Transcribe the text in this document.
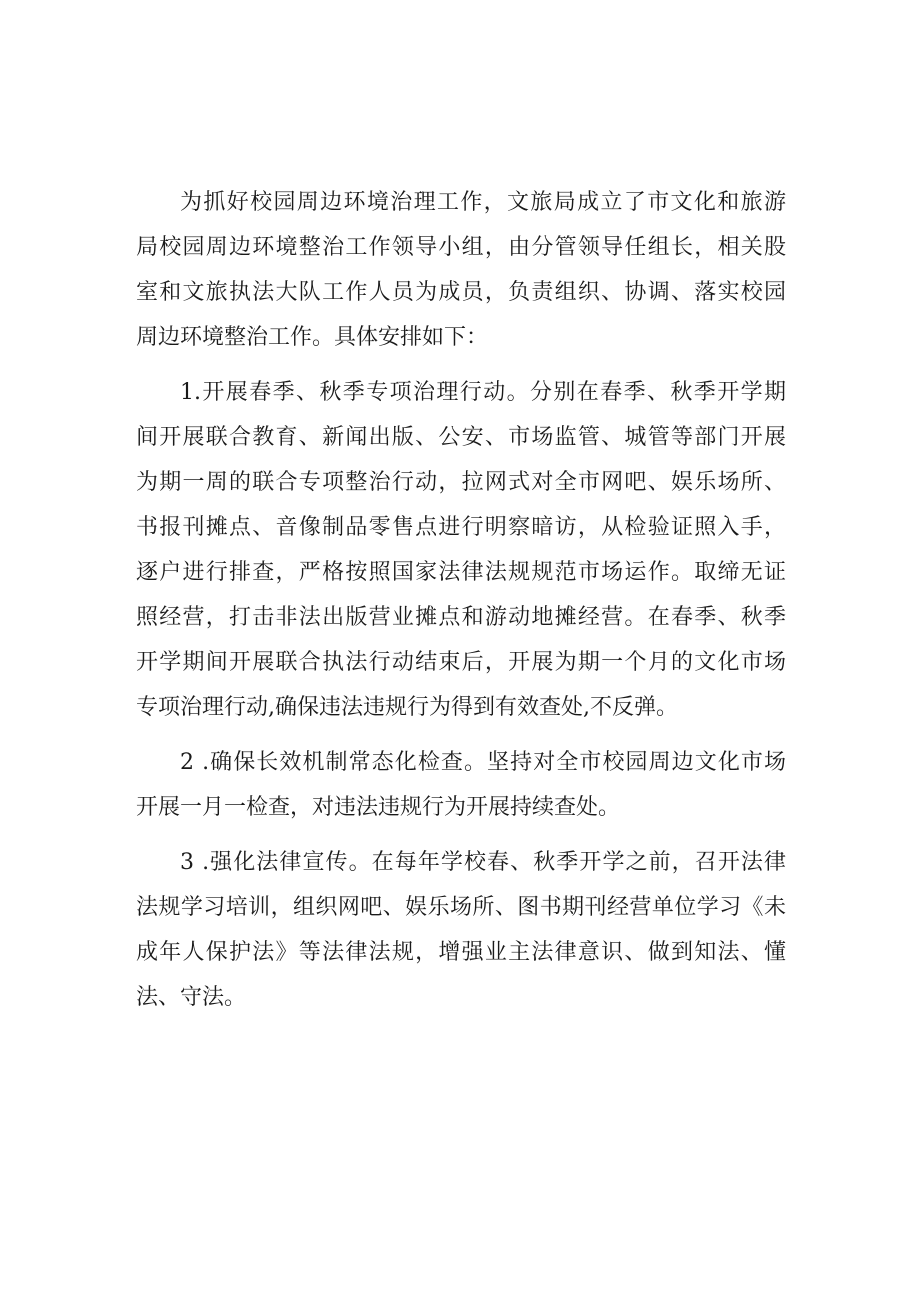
为抓好校园周边环境治理工作，文旅局成立了市文化和旅游
局校园周边环境整治工作领导小组，由分管领导任组长，相关股
室和文旅执法大队工作人员为成员，负责组织、协调、落实校园
周边环境整治工作。具体安排如下：
1.开展春季、秋季专项治理行动。分别在春季、秋季开学期
间开展联合教育、新闻出版、公安、市场监管、城管等部门开展
为期一周的联合专项整治行动，拉网式对全市网吧、娱乐场所、
书报刊摊点、音像制品零售点进行明察暗访，从检验证照入手，
逐户进行排查，严格按照国家法律法规规范市场运作。取缔无证
照经营，打击非法出版营业摊点和游动地摊经营。在春季、秋季
开学期间开展联合执法行动结束后，开展为期一个月的文化市场
专项治理行动,确保违法违规行为得到有效查处,不反弹。
2 .确保长效机制常态化检查。坚持对全市校园周边文化市场
开展一月一检查，对违法违规行为开展持续查处。
3 .强化法律宣传。在每年学校春、秋季开学之前，召开法律
法规学习培训，组织网吧、娱乐场所、图书期刊经营单位学习《未
成年人保护法》等法律法规，增强业主法律意识、做到知法、懂
法、守法。
